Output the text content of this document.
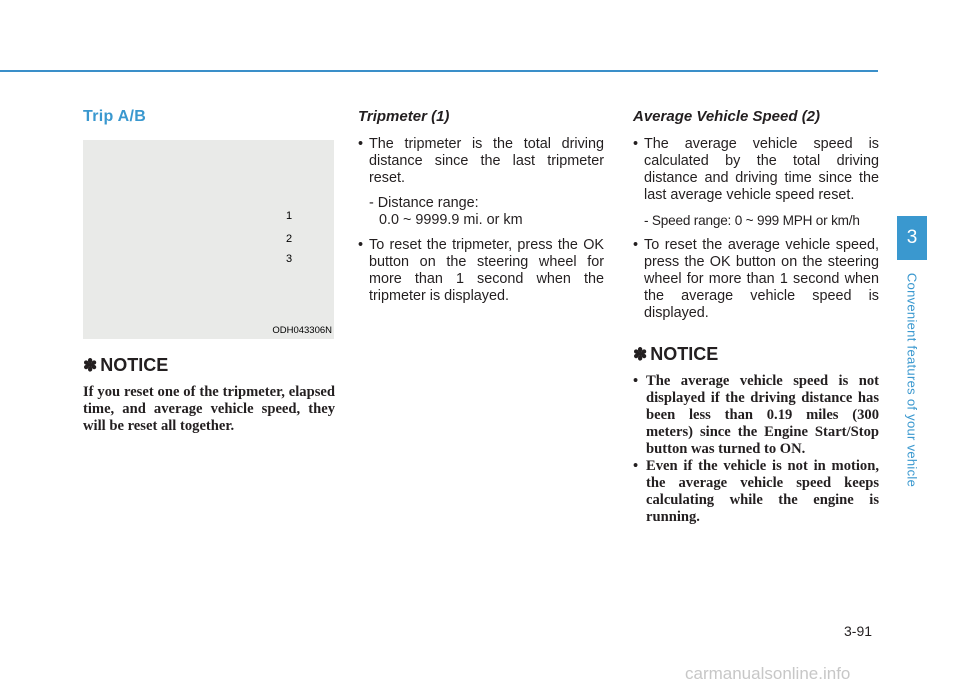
Trip A/B
1
2
3
ODH043306N
✽ NOTICE

If you reset one of the tripmeter, elapsed time, and average vehicle speed, they will be reset all together.

Tripmeter (1)
• The tripmeter is the total driving distance since the last tripmeter reset.
- Distance range:
0.0 ~ 9999.9 mi. or km
• To reset the tripmeter, press the OK button on the steering wheel for more than 1 second when the tripmeter is displayed.
Average Vehicle Speed (2)
• The average vehicle speed is calculated by the total driving distance and driving time since the last average vehicle speed reset.
- Speed range: 0 ~ 999 MPH or km/h
• To reset the average vehicle speed, press the OK button on the steering wheel for more than 1 second when the average vehicle speed is displayed.
✽ NOTICE
• The average vehicle speed is not displayed if the driving distance has been less than 0.19 miles (300 meters) since the Engine Start/Stop button was turned to ON.
• Even if the vehicle is not in motion, the average vehicle speed keeps calculating while the engine is running.
3
Convenient features of your vehicle
3-91
carmanualsonline.info
